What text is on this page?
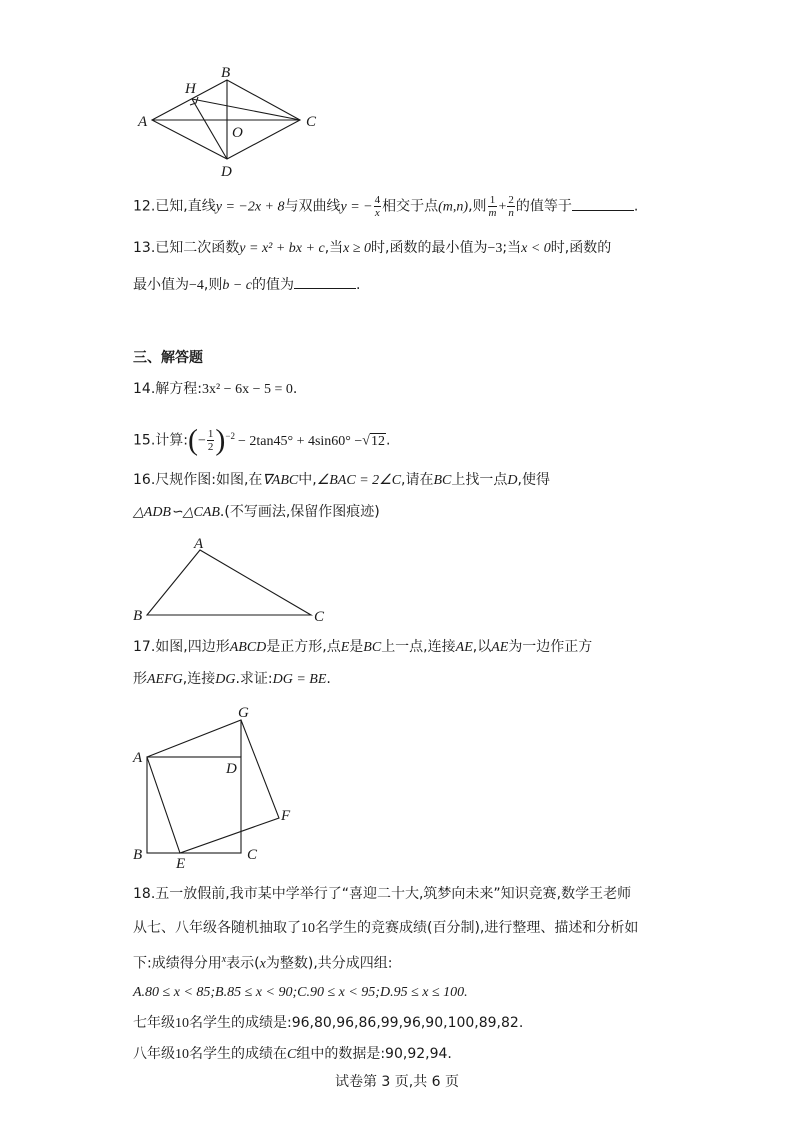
A
B
C
D
H
O
12.已知,直线y = −2x + 8与双曲线y = − $\frac{4}{x}$ 相交于点(m,n),则 $\frac{1}{m} + \frac{2}{n}$ 的值等于	.
13.已知二次函数y = x² + bx + c,当x ≥ 0时,函数的最小值为−3;当x < 0时,函数的
最小值为−4,则b − c的值为	.
三、解答题
14.解方程:3x² − 6x − 5 = 0.
15.计算:(− $\frac{1}{2} )^{-2} - 2\tan 45^\circ + 4\sin 60^\circ -√12$.
16.尺规作图:如图,在∇ABC中,∠BAC = 2∠C,请在BC上找一点D,使得
△ADB∽△CAB.(不写画法,保留作图痕迹)
A
B	C
17.如图,四边形ABCD是正方形,点E是BC上一点,连接AE,以AE为一边作正方
形AEFG,连接DG.求证:DG = BE.
A
B	C
D
E
F
G
18.五一放假前,我市某中学举行了“喜迎二十大,筑梦向未来”知识竞赛,数学王老师
从七、八年级各随机抽取了10名学生的竞赛成绩(百分制),进行整理、描述和分析如
下:成绩得分用$^x$表示(x为整数),共分成四组:
A.80 ≤ x < 85;B.85 ≤ x < 90;C.90 ≤ x < 95;D.95 ≤ x ≤ 100.
七年级10名学生的成绩是:96,80,96,86,99,96,90,100,89,82.
八年级10名学生的成绩在C组中的数据是:90,92,94.
试卷第 3 页,共 6 页
